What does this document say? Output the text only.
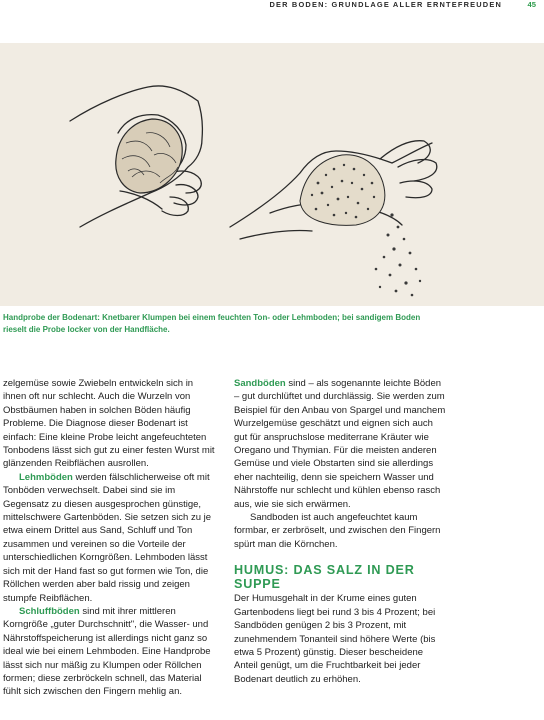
DER BODEN: GRUNDLAGE ALLER ERNTEFREUDEN	45
Handprobe der Bodenart: Knetbarer Klumpen bei einem feuchten Ton- oder Lehmboden; bei sandigem Boden rieselt die Probe locker von der Handfläche.

zelgemüse sowie Zwiebeln entwickeln sich in ihnen oft nur schlecht. Auch die Wurzeln von Obstbäumen haben in solchen Böden häufig Probleme. Die Diagnose dieser Bodenart ist einfach: Eine kleine Probe leicht angefeuchteten Tonbodens lässt sich gut zu einer festen Wurst mit glänzenden Reibflächen ausrollen.

Lehmböden werden fälschlicherweise oft mit Tonböden verwechselt. Dabei sind sie im Gegensatz zu diesen ausgesprochen günstige, mittelschwere Gartenböden. Sie setzen sich zu je etwa einem Drittel aus Sand, Schluff und Ton zusammen und vereinen so die Vorteile der unterschiedlichen Korngrößen. Lehmboden lässt sich mit der Hand fast so gut formen wie Ton, die Röllchen werden aber bald rissig und zeigen stumpfe Reibflächen.

Schluffböden sind mit ihrer mittleren Korngröße „guter Durchschnitt", die Wasser- und Nährstoffspeicherung ist allerdings nicht ganz so ideal wie bei einem Lehmboden. Eine Handprobe lässt sich nur mäßig zu Klumpen oder Röllchen formen; diese zerbröckeln schnell, das Material fühlt sich zwischen den Fingern mehlig an.

Sandböden sind – als sogenannte leichte Böden – gut durchlüftet und durchlässig. Sie werden zum Beispiel für den Anbau von Spargel und manchem Wurzelgemüse geschätzt und eignen sich auch gut für anspruchslose mediterrane Kräuter wie Oregano und Thymian. Für die meisten anderen Gemüse und viele Obstarten sind sie allerdings eher nachteilig, denn sie speichern Wasser und Nährstoffe nur schlecht und kühlen ebenso rasch aus, wie sie sich erwärmen.

Sandboden ist auch angefeuchtet kaum formbar, er zerbröselt, und zwischen den Fingern spürt man die Körnchen.

HUMUS: DAS SALZ IN DER SUPPE

Der Humusgehalt in der Krume eines guten Gartenbodens liegt bei rund 3 bis 4 Prozent; bei Sandböden genügen 2 bis 3 Prozent, mit zunehmendem Tonanteil sind höhere Werte (bis etwa 5 Prozent) günstig. Dieser bescheidene Anteil genügt, um die Fruchtbarkeit bei jeder Bodenart deutlich zu erhöhen.
